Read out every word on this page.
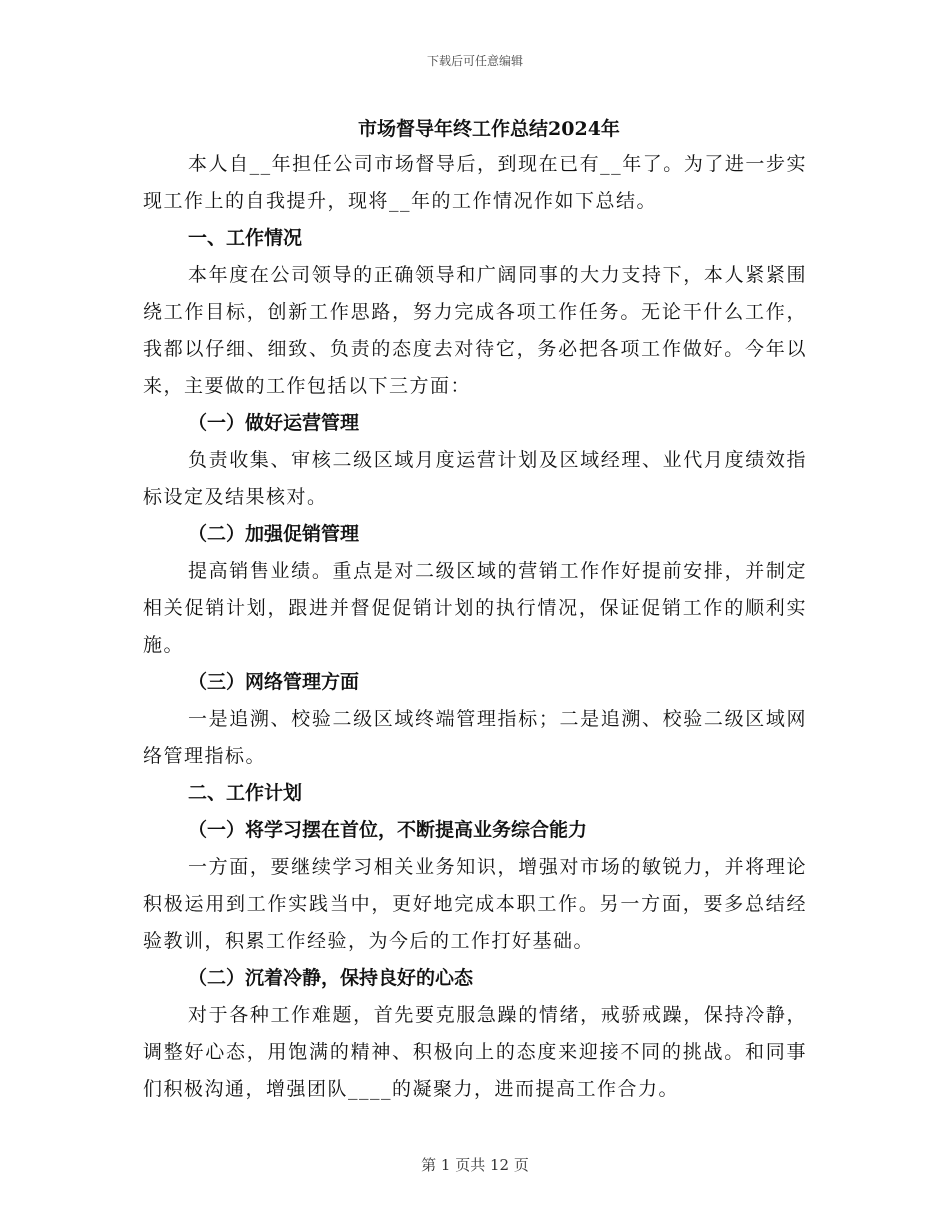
下载后可任意编辑
市场督导年终工作总结2024年

本人自__年担任公司市场督导后，到现在已有__年了。为了进一步实现工作上的自我提升，现将__年的工作情况作如下总结。

一、工作情况

本年度在公司领导的正确领导和广阔同事的大力支持下，本人紧紧围绕工作目标，创新工作思路，努力完成各项工作任务。无论干什么工作，我都以仔细、细致、负责的态度去对待它，务必把各项工作做好。今年以来，主要做的工作包括以下三方面：

（一）做好运营管理

负责收集、审核二级区域月度运营计划及区域经理、业代月度绩效指标设定及结果核对。

（二）加强促销管理

提高销售业绩。重点是对二级区域的营销工作作好提前安排，并制定相关促销计划，跟进并督促促销计划的执行情况，保证促销工作的顺利实施。

（三）网络管理方面

一是追溯、校验二级区域终端管理指标；二是追溯、校验二级区域网络管理指标。

二、工作计划

（一）将学习摆在首位，不断提高业务综合能力

一方面，要继续学习相关业务知识，增强对市场的敏锐力，并将理论积极运用到工作实践当中，更好地完成本职工作。另一方面，要多总结经验教训，积累工作经验，为今后的工作打好基础。

（二）沉着冷静，保持良好的心态

对于各种工作难题，首先要克服急躁的情绪，戒骄戒躁，保持冷静，调整好心态，用饱满的精神、积极向上的态度来迎接不同的挑战。和同事们积极沟通，增强团队____的凝聚力，进而提高工作合力。

第 1 页共 12 页
